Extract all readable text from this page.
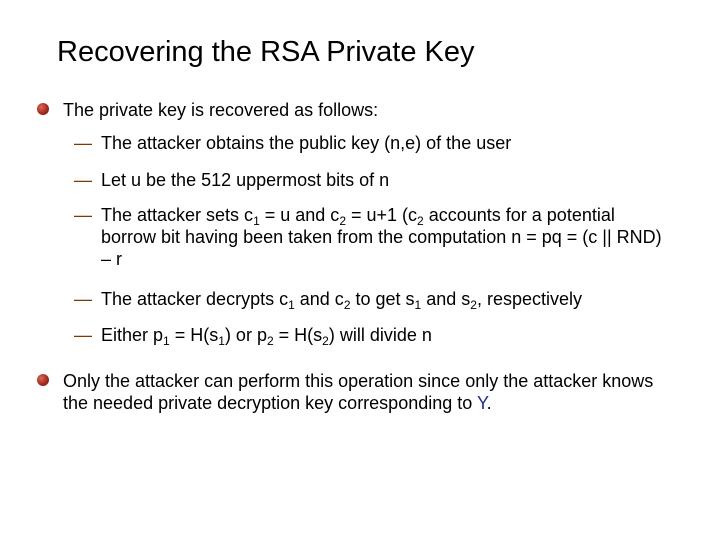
Recovering the RSA Private Key
The private key is recovered as follows:
— The attacker obtains the public key (n,e) of the user
— Let u be the 512 uppermost bits of n
— The attacker sets $c_1 = u$ and $c_2 = u+1$ ($c_2$ accounts for a potential borrow bit having been taken from the computation n = pq = (c || RND) – r
— The attacker decrypts $c_1$ and $c_2$ to get $s_1$ and $s_2$, respectively
— Either $p_1 = H(s_1)$ or $p_2 = H(s_2)$ will divide n
Only the attacker can perform this operation since only the attacker knows the needed private decryption key corresponding to Y.
